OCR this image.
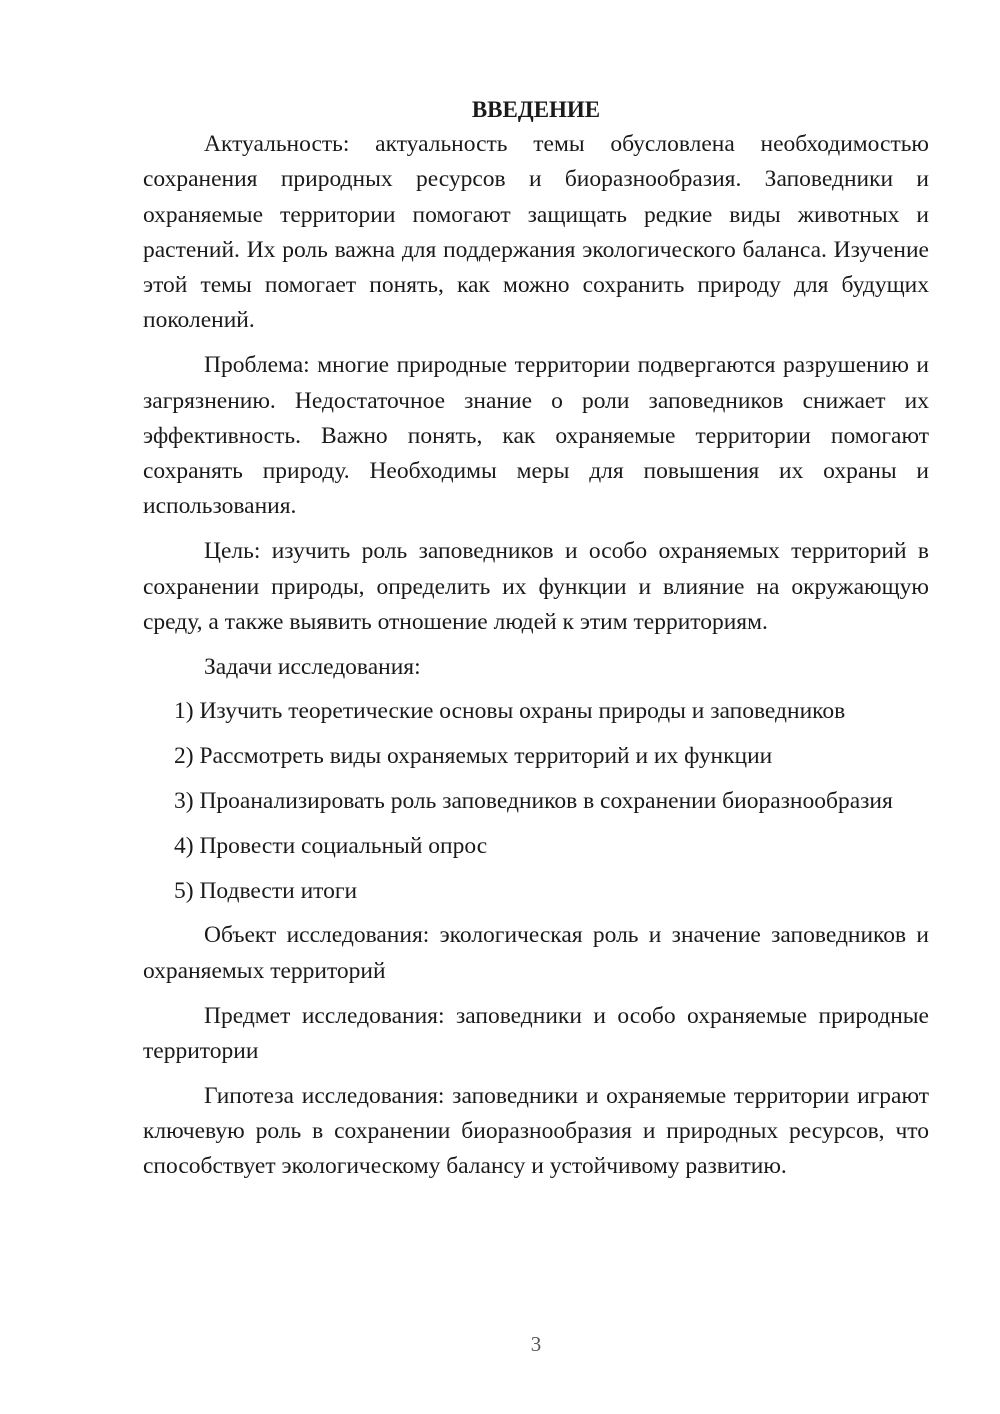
ВВЕДЕНИЕ

Актуальность: актуальность темы обусловлена необходимостью сохранения природных ресурсов и биоразнообразия. Заповедники и охраняемые территории помогают защищать редкие виды животных и растений. Их роль важна для поддержания экологического баланса. Изучение этой темы помогает понять, как можно сохранить природу для будущих поколений.

Проблема: многие природные территории подвергаются разрушению и загрязнению. Недостаточное знание о роли заповедников снижает их эффективность. Важно понять, как охраняемые территории помогают сохранять природу. Необходимы меры для повышения их охраны и использования.

Цель: изучить роль заповедников и особо охраняемых территорий в сохранении природы, определить их функции и влияние на окружающую среду, а также выявить отношение людей к этим территориям.

Задачи исследования:

1) Изучить теоретические основы охраны природы и заповедников

2) Рассмотреть виды охраняемых территорий и их функции

3) Проанализировать роль заповедников в сохранении биоразнообразия

4) Провести социальный опрос

5) Подвести итоги

Объект исследования: экологическая роль и значение заповедников и охраняемых территорий

Предмет исследования: заповедники и особо охраняемые природные территории

Гипотеза исследования: заповедники и охраняемые территории играют ключевую роль в сохранении биоразнообразия и природных ресурсов, что способствует экологическому балансу и устойчивому развитию.

3
